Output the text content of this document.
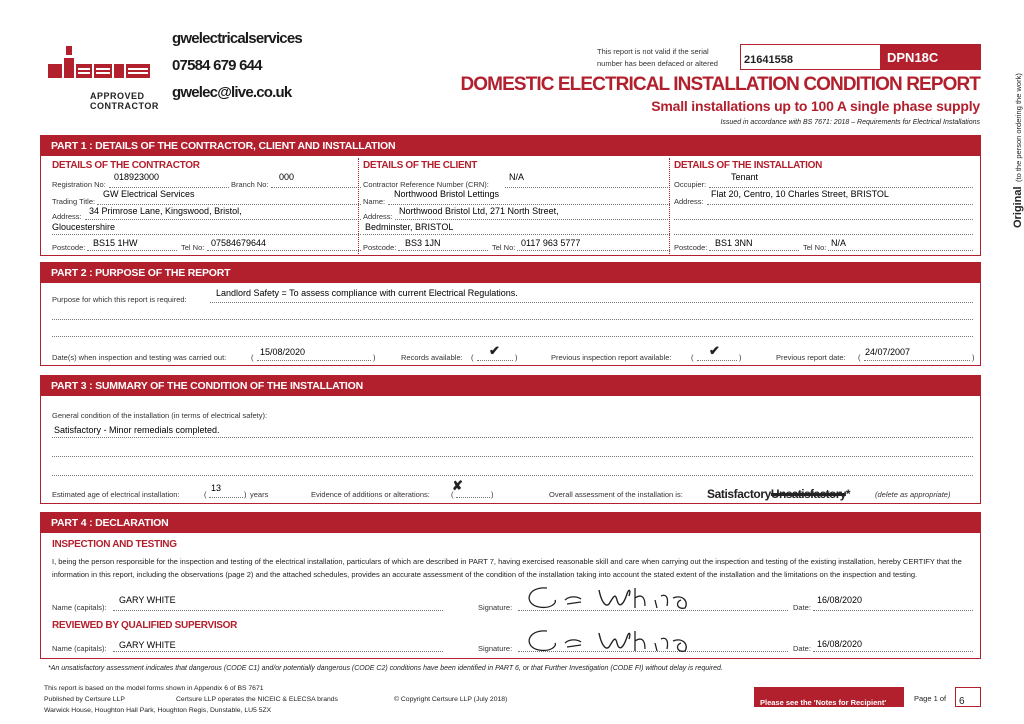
APPROVED
CONTRACTOR
gwelectricalservices
07584 679 644
gwelec@live.co.uk
This report is not valid if the serial
number has been defaced or altered	21641558	DPN18C
DOMESTIC ELECTRICAL INSTALLATION CONDITION REPORT
Small installations up to 100 A single phase supply
Issued in accordance with BS 7671: 2018 – Requirements for Electrical Installations
Original (to the person ordering the work)
PART 1 : DETAILS OF THE CONTRACTOR, CLIENT AND INSTALLATION
DETAILS OF THE CONTRACTOR
Registration No:
018923000
Branch No:
000
Trading Title:
GW Electrical Services
Address:
34 Primrose Lane, Kingswood, Bristol,
Gloucestershire
Postcode: BS15 1HW	Tel No: 07584679644
DETAILS OF THE CLIENT
Contractor Reference Number (CRN):
N/A
Name:
Northwood Bristol Lettings
Address:
Northwood Bristol Ltd, 271 North Street,
Bedminster, BRISTOL
Postcode: BS3 1JN	Tel No: 0117 963 5777
DETAILS OF THE INSTALLATION
Occupier:
Tenant
Address:
Flat 20, Centro, 10 Charles Street, BRISTOL
Postcode: BS1 3NN	Tel No: N/A
PART 2 : PURPOSE OF THE REPORT
Purpose for which this report is required:
Landlord Safety = To assess compliance with current Electrical Regulations.
Date(s) when inspection and testing was carried out:	(	)
15/08/2020
Records available: (	)
✔	Previous inspection report available:	(	)
✔	Previous report date: (	)
24/07/2007
PART 3 : SUMMARY OF THE CONDITION OF THE INSTALLATION
General condition of the installation (in terms of electrical safety):
Satisfactory - Minor remedials completed.
Estimated age of electrical installation:	(	)
13
years	Evidence of additions or alterations:	(	)
✘
Overall assessment of the installation is: SatisfactoryUnsatisfactory*	(delete as appropriate)
PART 4 : DECLARATION
INSPECTION AND TESTING
I, being the person responsible for the inspection and testing of the electrical installation, particulars of which are described in PART 7, having exercised reasonable skill and care when carrying out the inspection and testing of the existing installation, hereby CERTIFY that the information in this report, including the observations (page 2) and the attached schedules, provides an accurate assessment of the condition of the installation taking into account the stated extent of the installation and the limitations on the inspection and testing.
Name (capitals):
GARY WHITE
Signature:	Date:
16/08/2020
REVIEWED BY QUALIFIED SUPERVISOR
Name (capitals): GARY WHITE	Signature:	Date: 16/08/2020
*An unsatisfactory assessment indicates that dangerous (CODE C1) and/or potentially dangerous (CODE C2) conditions have been identified in PART 6, or that Further Investigation (CODE FI) without delay is required.
This report is based on the model forms shown in Appendix 6 of BS 7671
Published by Certsure LLP	Certsure LLP operates the NICEIC & ELECSA brands	© Copyright Certsure LLP (July 2018)
Warwick House, Houghton Hall Park, Houghton Regis, Dunstable, LU5 5ZX
Please see the 'Notes for Recipient'	Page 1 of	6
